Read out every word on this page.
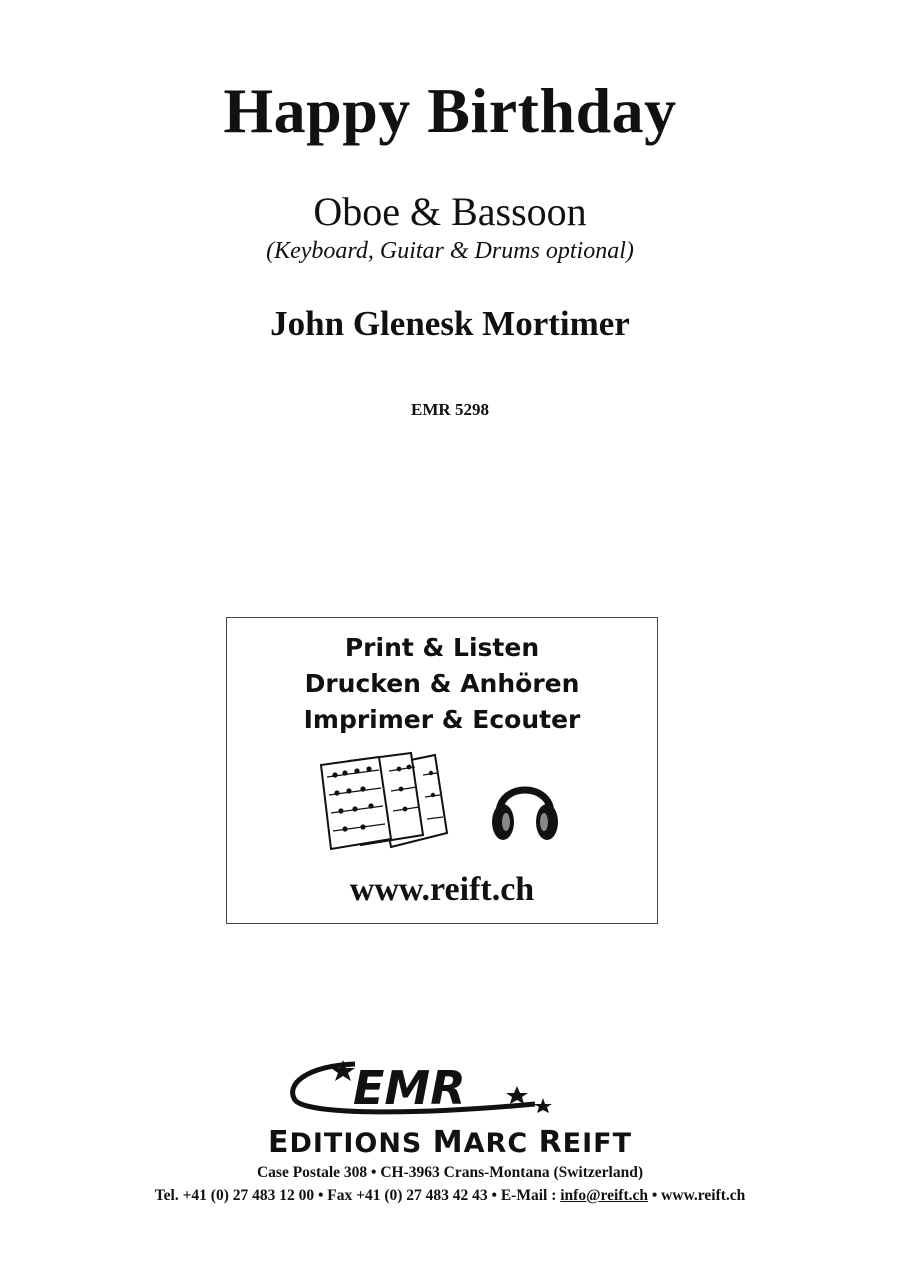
Happy Birthday
Oboe & Bassoon
(Keyboard, Guitar & Drums optional)
John Glenesk Mortimer
EMR 5298
Print & Listen
Drucken & Anhören
Imprimer & Ecouter
www.reift.ch
EMR
EDITIONS MARC REIFT
Case Postale 308 • CH-3963 Crans-Montana (Switzerland)
Tel. +41 (0) 27 483 12 00 • Fax +41 (0) 27 483 42 43 • E-Mail : info@reift.ch • www.reift.ch
